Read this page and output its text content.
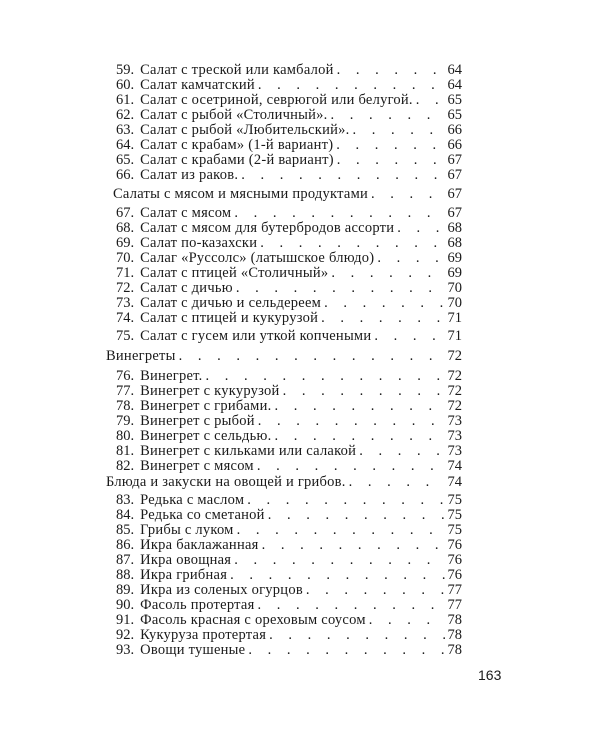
59. Салат с треской или камбалой . . .	64
60. Салат камчатский . . .	64
61. Салат с осетриной, севрюгой или белугой. . . . 65
62. Салат с рыбой «Столичный». . . .	65
63. Салат с рыбой «Любительский». . . .	66
64. Салат с крабам» (1-й вариант) . . .	66
65. Салат с крабами (2-й вариант) . . .	67
66. Салат из раков. . . .	67
Салаты с мясом и мясными продуктами . . .	67
67. Салат с мясом . . .	67
68. Салат с мясом для бутербродов ассорти . . .	68
69. Салат по-казахски . . .	68
70. Салаг «Руссолс» (латышское блюдо) . . .	69
71. Салат с птицей «Столичный» . . .	69
72. Салат с дичью . . .	70
73. Салат с дичью и сельдереем . . .	70
74. Салат с птицей и кукурузой . . .	71
75. Салат с гусем или уткой копчеными . . .	71
Винегреты . . .	72
76. Винегрет. . . .	72
77. Винегрет с кукурузой . . .	72
78. Винегрет с грибами. . . .	72
79. Винегрет с рыбой . . .	73
80. Винегрет с сельдью. . . .	73
81. Винегрет с кильками или салакой . . .	73
82. Винегрет с мясом . . .	74
Блюда и закуски на овощей и грибов. . . .	74
83. Редька с маслом . . .	75
84. Редька со сметаной . . .	75
85. Грибы с луком . . .	75
86. Икра баклажанная . . .	76
87. Икра овощная . . .	76
88. Икра грибная . . .	76
89. Икра из соленых огурцов . . .	77
90. Фасоль протертая . . .	77
91. Фасоль красная с ореховым соусом . . .	78
92. Кукуруза протертая . . .	78
93. Овощи тушеные . . .	78
163
